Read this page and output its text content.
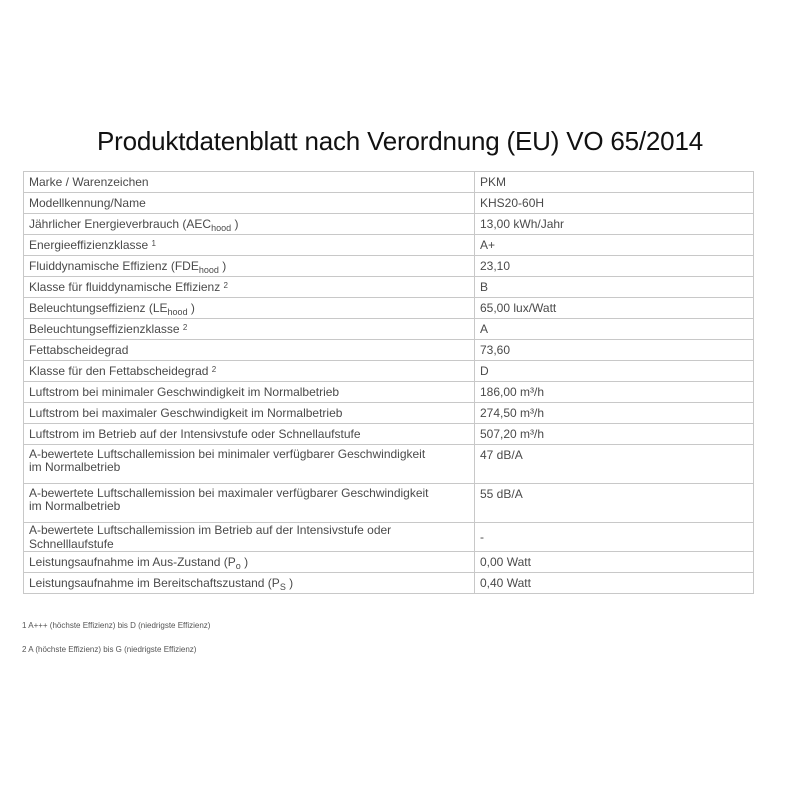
Produktdatenblatt nach Verordnung (EU) VO 65/2014
Marke / Warenzeichen	PKM
Modellkennung/Name	KHS20-60H
Jährlicher Energieverbrauch ($AEC_{hood}$ )	13,00 kWh/Jahr
Energieeffizienzklasse $^1$	A+
Fluiddynamische Effizienz ($FDE_{hood}$ )	23,10
Klasse für fluiddynamische Effizienz $^2$	B
Beleuchtungseffizienz ($LE_{hood}$ )	65,00 lux/Watt
Beleuchtungseffizienzklasse $^2$	A
Fettabscheidegrad	73,60
Klasse für den Fettabscheidegrad $^2$	D
Luftstrom bei minimaler Geschwindigkeit im Normalbetrieb	186,00 m³/h
Luftstrom bei maximaler Geschwindigkeit im Normalbetrieb	274,50 m³/h
Luftstrom im Betrieb auf der Intensivstufe oder Schnellaufstufe	507,20 m³/h
A-bewertete Luftschallemission bei minimaler verfügbarer Geschwindigkeit
im Normalbetrieb	47 dB/A
A-bewertete Luftschallemission bei maximaler verfügbarer Geschwindigkeit
im Normalbetrieb	55 dB/A
A-bewertete Luftschallemission im Betrieb auf der Intensivstufe oder Schnelllaufstufe	-
Leistungsaufnahme im Aus-Zustand ($P_o$ )	0,00 Watt
Leistungsaufnahme im Bereitschaftszustand ($P_S$ )	0,40 Watt
1 A+++ (höchste Effizienz) bis D (niedrigste Effizienz)
2 A (höchste Effizienz) bis G (niedrigste Effizienz)
